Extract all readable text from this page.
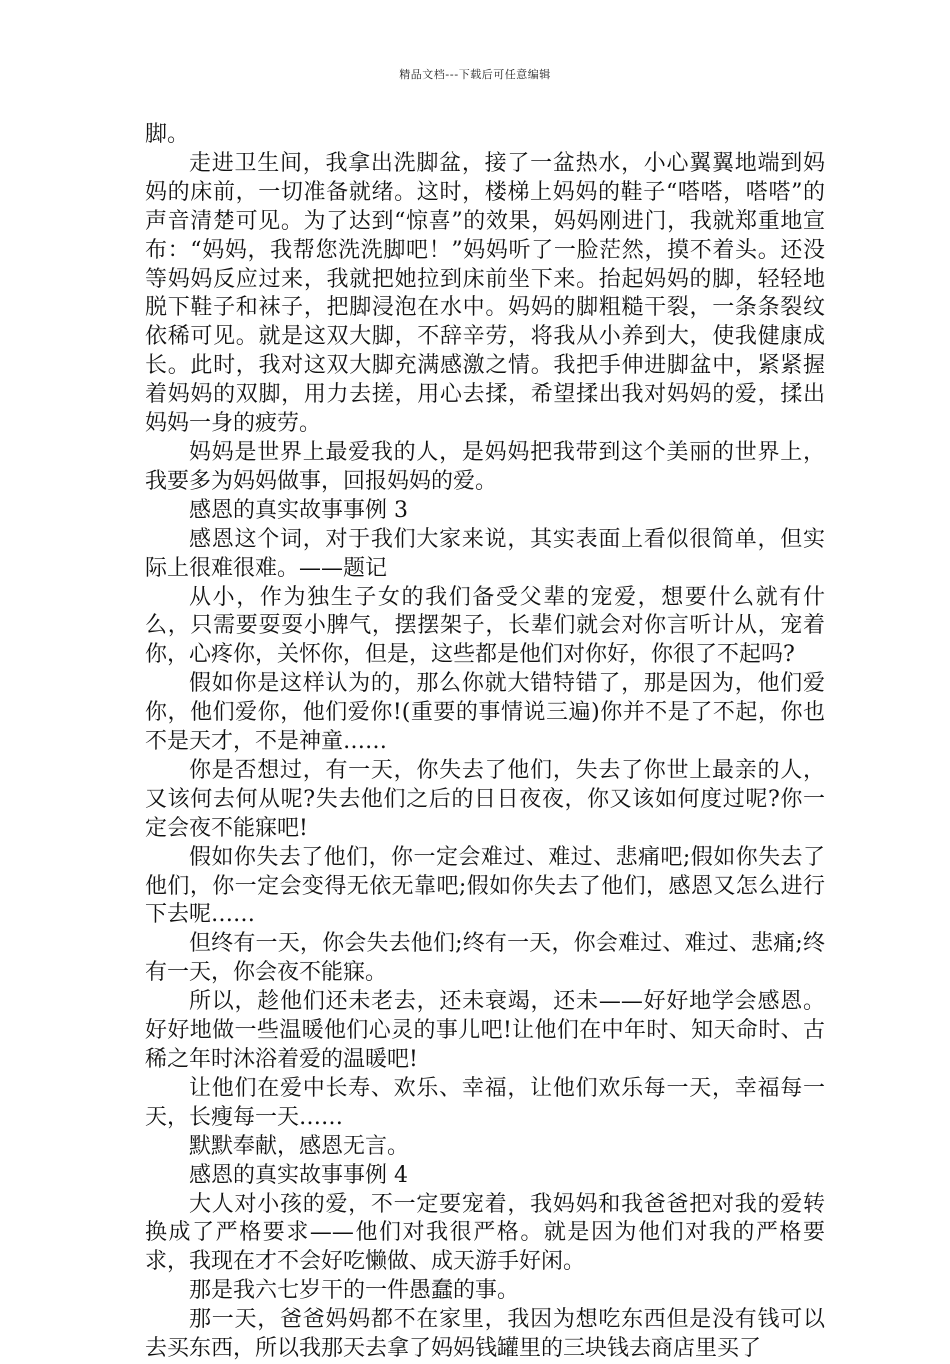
精品文档---下载后可任意编辑

脚。

走进卫生间，我拿出洗脚盆，接了一盆热水，小心翼翼地端到妈妈的床前，一切准备就绪。这时，楼梯上妈妈的鞋子“嗒嗒，嗒嗒”的声音清楚可见。为了达到“惊喜”的效果，妈妈刚进门，我就郑重地宣布：“妈妈，我帮您洗洗脚吧！”妈妈听了一脸茫然，摸不着头。还没等妈妈反应过来，我就把她拉到床前坐下来。抬起妈妈的脚，轻轻地脱下鞋子和袜子，把脚浸泡在水中。妈妈的脚粗糙干裂，一条条裂纹依稀可见。就是这双大脚，不辞辛劳，将我从小养到大，使我健康成长。此时，我对这双大脚充满感激之情。我把手伸进脚盆中，紧紧握着妈妈的双脚，用力去搓，用心去揉，希望揉出我对妈妈的爱，揉出妈妈一身的疲劳。

妈妈是世界上最爱我的人，是妈妈把我带到这个美丽的世界上，我要多为妈妈做事，回报妈妈的爱。

感恩的真实故事事例 3

感恩这个词，对于我们大家来说，其实表面上看似很简单，但实际上很难很难。——题记

从小，作为独生子女的我们备受父辈的宠爱，想要什么就有什么，只需要耍耍小脾气，摆摆架子，长辈们就会对你言听计从，宠着你，心疼你，关怀你，但是，这些都是他们对你好，你很了不起吗?

假如你是这样认为的，那么你就大错特错了，那是因为，他们爱你，他们爱你，他们爱你!(重要的事情说三遍)你并不是了不起，你也不是天才，不是神童……

你是否想过，有一天，你失去了他们，失去了你世上最亲的人，又该何去何从呢?失去他们之后的日日夜夜，你又该如何度过呢?你一定会夜不能寐吧!

假如你失去了他们，你一定会难过、难过、悲痛吧;假如你失去了他们，你一定会变得无依无靠吧;假如你失去了他们，感恩又怎么进行下去呢……

但终有一天，你会失去他们;终有一天，你会难过、难过、悲痛;终有一天，你会夜不能寐。

所以，趁他们还未老去，还未衰竭，还未——好好地学会感恩。好好地做一些温暖他们心灵的事儿吧!让他们在中年时、知天命时、古稀之年时沐浴着爱的温暖吧!

让他们在爱中长寿、欢乐、幸福，让他们欢乐每一天，幸福每一天，长瘦每一天……

默默奉献，感恩无言。

感恩的真实故事事例 4

大人对小孩的爱，不一定要宠着，我妈妈和我爸爸把对我的爱转换成了严格要求——他们对我很严格。就是因为他们对我的严格要求，我现在才不会好吃懒做、成天游手好闲。

那是我六七岁干的一件愚蠢的事。

那一天，爸爸妈妈都不在家里，我因为想吃东西但是没有钱可以去买东西，所以我那天去拿了妈妈钱罐里的三块钱去商店里买了
